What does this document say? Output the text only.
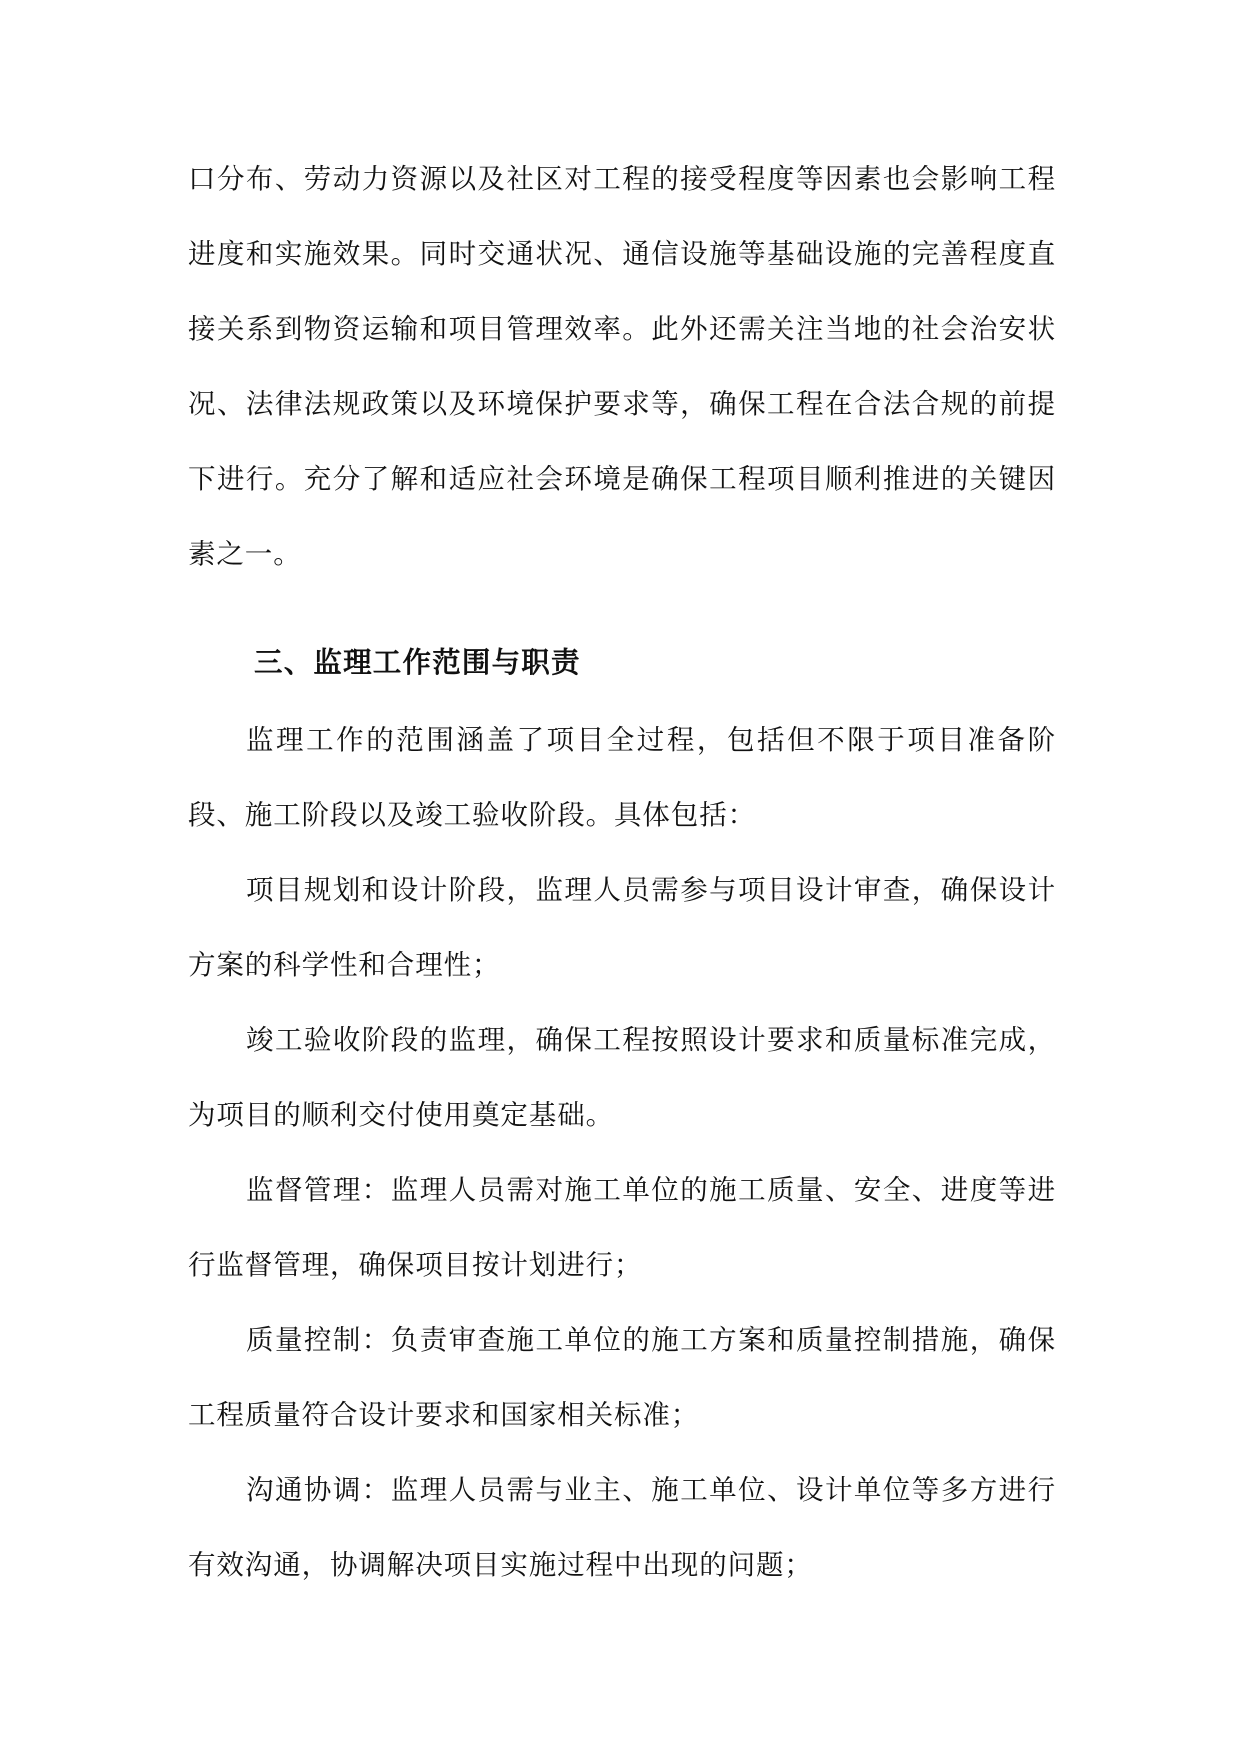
口分布、劳动力资源以及社区对工程的接受程度等因素也会影响工程进度和实施效果。同时交通状况、通信设施等基础设施的完善程度直接关系到物资运输和项目管理效率。此外还需关注当地的社会治安状况、法律法规政策以及环境保护要求等，确保工程在合法合规的前提下进行。充分了解和适应社会环境是确保工程项目顺利推进的关键因素之一。

三、监理工作范围与职责

监理工作的范围涵盖了项目全过程，包括但不限于项目准备阶段、施工阶段以及竣工验收阶段。具体包括：

项目规划和设计阶段，监理人员需参与项目设计审查，确保设计方案的科学性和合理性；

竣工验收阶段的监理，确保工程按照设计要求和质量标准完成，为项目的顺利交付使用奠定基础。

监督管理：监理人员需对施工单位的施工质量、安全、进度等进行监督管理，确保项目按计划进行；

质量控制：负责审查施工单位的施工方案和质量控制措施，确保工程质量符合设计要求和国家相关标准；

沟通协调：监理人员需与业主、施工单位、设计单位等多方进行有效沟通，协调解决项目实施过程中出现的问题；
